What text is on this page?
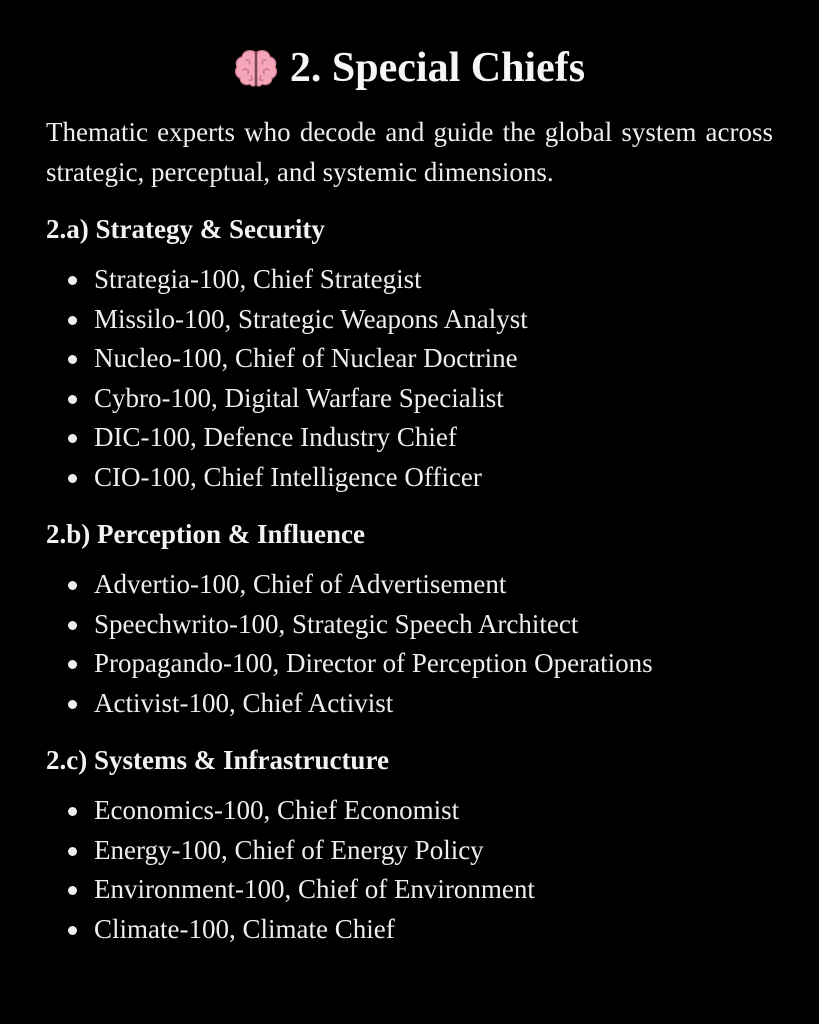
2. Special Chiefs

Thematic experts who decode and guide the global system across strategic, perceptual, and systemic dimensions.

2.a) Strategy & Security
Strategia-100, Chief Strategist
Missilo-100, Strategic Weapons Analyst
Nucleo-100, Chief of Nuclear Doctrine
Cybro-100, Digital Warfare Specialist
DIC-100, Defence Industry Chief
CIO-100, Chief Intelligence Officer
2.b) Perception & Influence
Advertio-100, Chief of Advertisement
Speechwrito-100, Strategic Speech Architect
Propagando-100, Director of Perception Operations
Activist-100, Chief Activist
2.c) Systems & Infrastructure
Economics-100, Chief Economist
Energy-100, Chief of Energy Policy
Environment-100, Chief of Environment
Climate-100, Climate Chief
